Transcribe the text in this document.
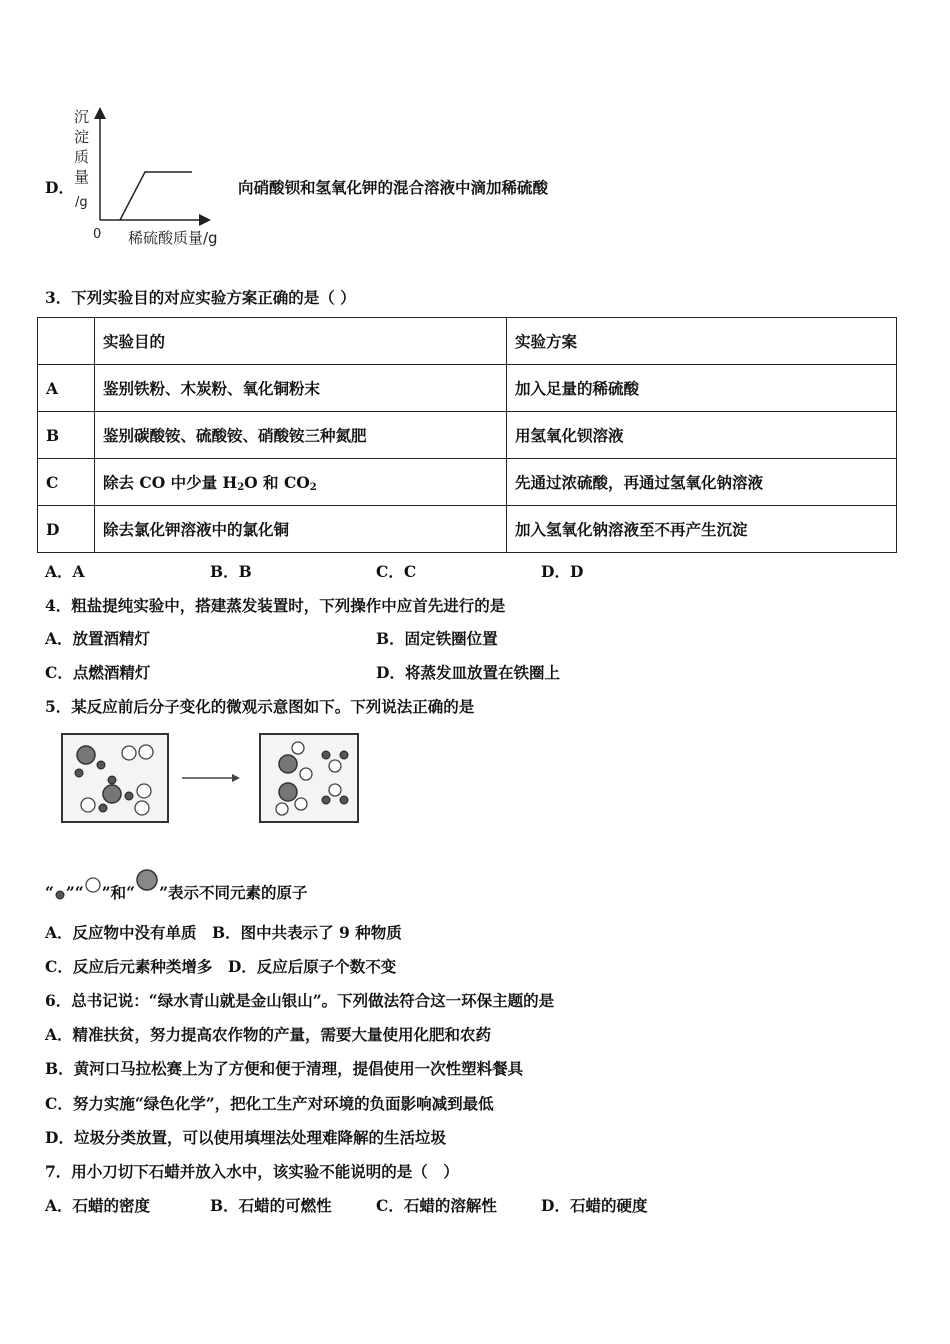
D．
沉
淀
质
量
/g
0 稀硫酸质量/g
向硝酸钡和氢氧化钾的混合溶液中滴加稀硫酸
3．下列实验目的对应实验方案正确的是（ ）
	实验目的	实验方案
A	鉴别铁粉、木炭粉、氧化铜粉末	加入足量的稀硫酸
B	鉴别碳酸铵、硫酸铵、硝酸铵三种氮肥	用氢氧化钡溶液
C	除去 CO 中少量 $H_2O$ 和 $CO_2$	先通过浓硫酸，再通过氢氧化钠溶液
D	除去氯化钾溶液中的氯化铜	加入氢氧化钠溶液至不再产生沉淀
A．A	B．B	C．C	D．D
4．粗盐提纯实验中，搭建蒸发装置时，下列操作中应首先进行的是
A．放置酒精灯	B．固定铁圈位置
C．点燃酒精灯	D．将蒸发皿放置在铁圈上
5．某反应前后分子变化的微观示意图如下。下列说法正确的是
“ ”“ ”和“ ”表示不同元素的原子
A．反应物中没有单质　B．图中共表示了 9 种物质
C．反应后元素种类增多　D．反应后原子个数不变
6．总书记说：“绿水青山就是金山银山”。下列做法符合这一环保主题的是
A．精准扶贫，努力提高农作物的产量，需要大量使用化肥和农药
B．黄河口马拉松赛上为了方便和便于清理，提倡使用一次性塑料餐具
C．努力实施“绿色化学”，把化工生产对环境的负面影响减到最低
D．垃圾分类放置，可以使用填埋法处理难降解的生活垃圾
7．用小刀切下石蜡并放入水中，该实验不能说明的是（　）
A．石蜡的密度	B．石蜡的可燃性	C．石蜡的溶解性	D．石蜡的硬度
